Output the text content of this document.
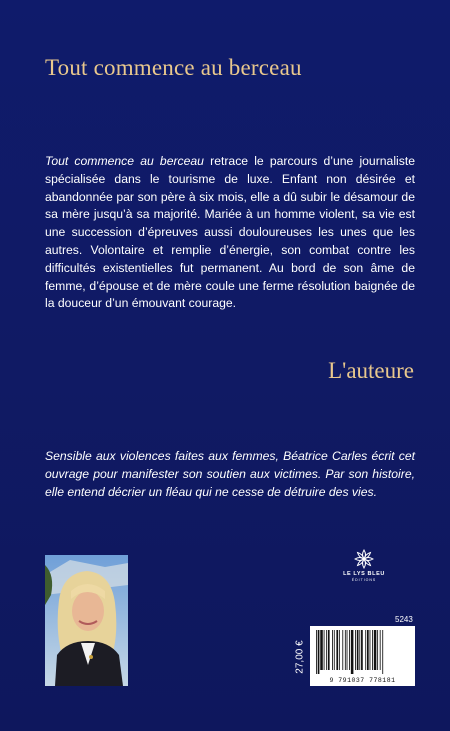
Tout commence au berceau
Tout commence au berceau retrace le parcours d’une journaliste spécialisée dans le tourisme de luxe. Enfant non désirée et abandonnée par son père à six mois, elle a dû subir le désamour de sa mère jusqu’à sa majorité. Mariée à un homme violent, sa vie est une succession d’épreuves aussi douloureuses les unes que les autres. Volontaire et remplie d’énergie, son combat contre les difficultés existentielles fut permanent. Au bord de son âme de femme, d’épouse et de mère coule une ferme résolution baignée de la douceur d’un émouvant courage.
L'auteure
Sensible aux violences faites aux femmes, Béatrice Carles écrit cet ouvrage pour manifester son soutien aux victimes. Par son histoire, elle entend décrier un fléau qui ne cesse de détruire des vies.
LE LYS BLEU
ÉDITIONS
5243
27,00 €
9 791037 778181
